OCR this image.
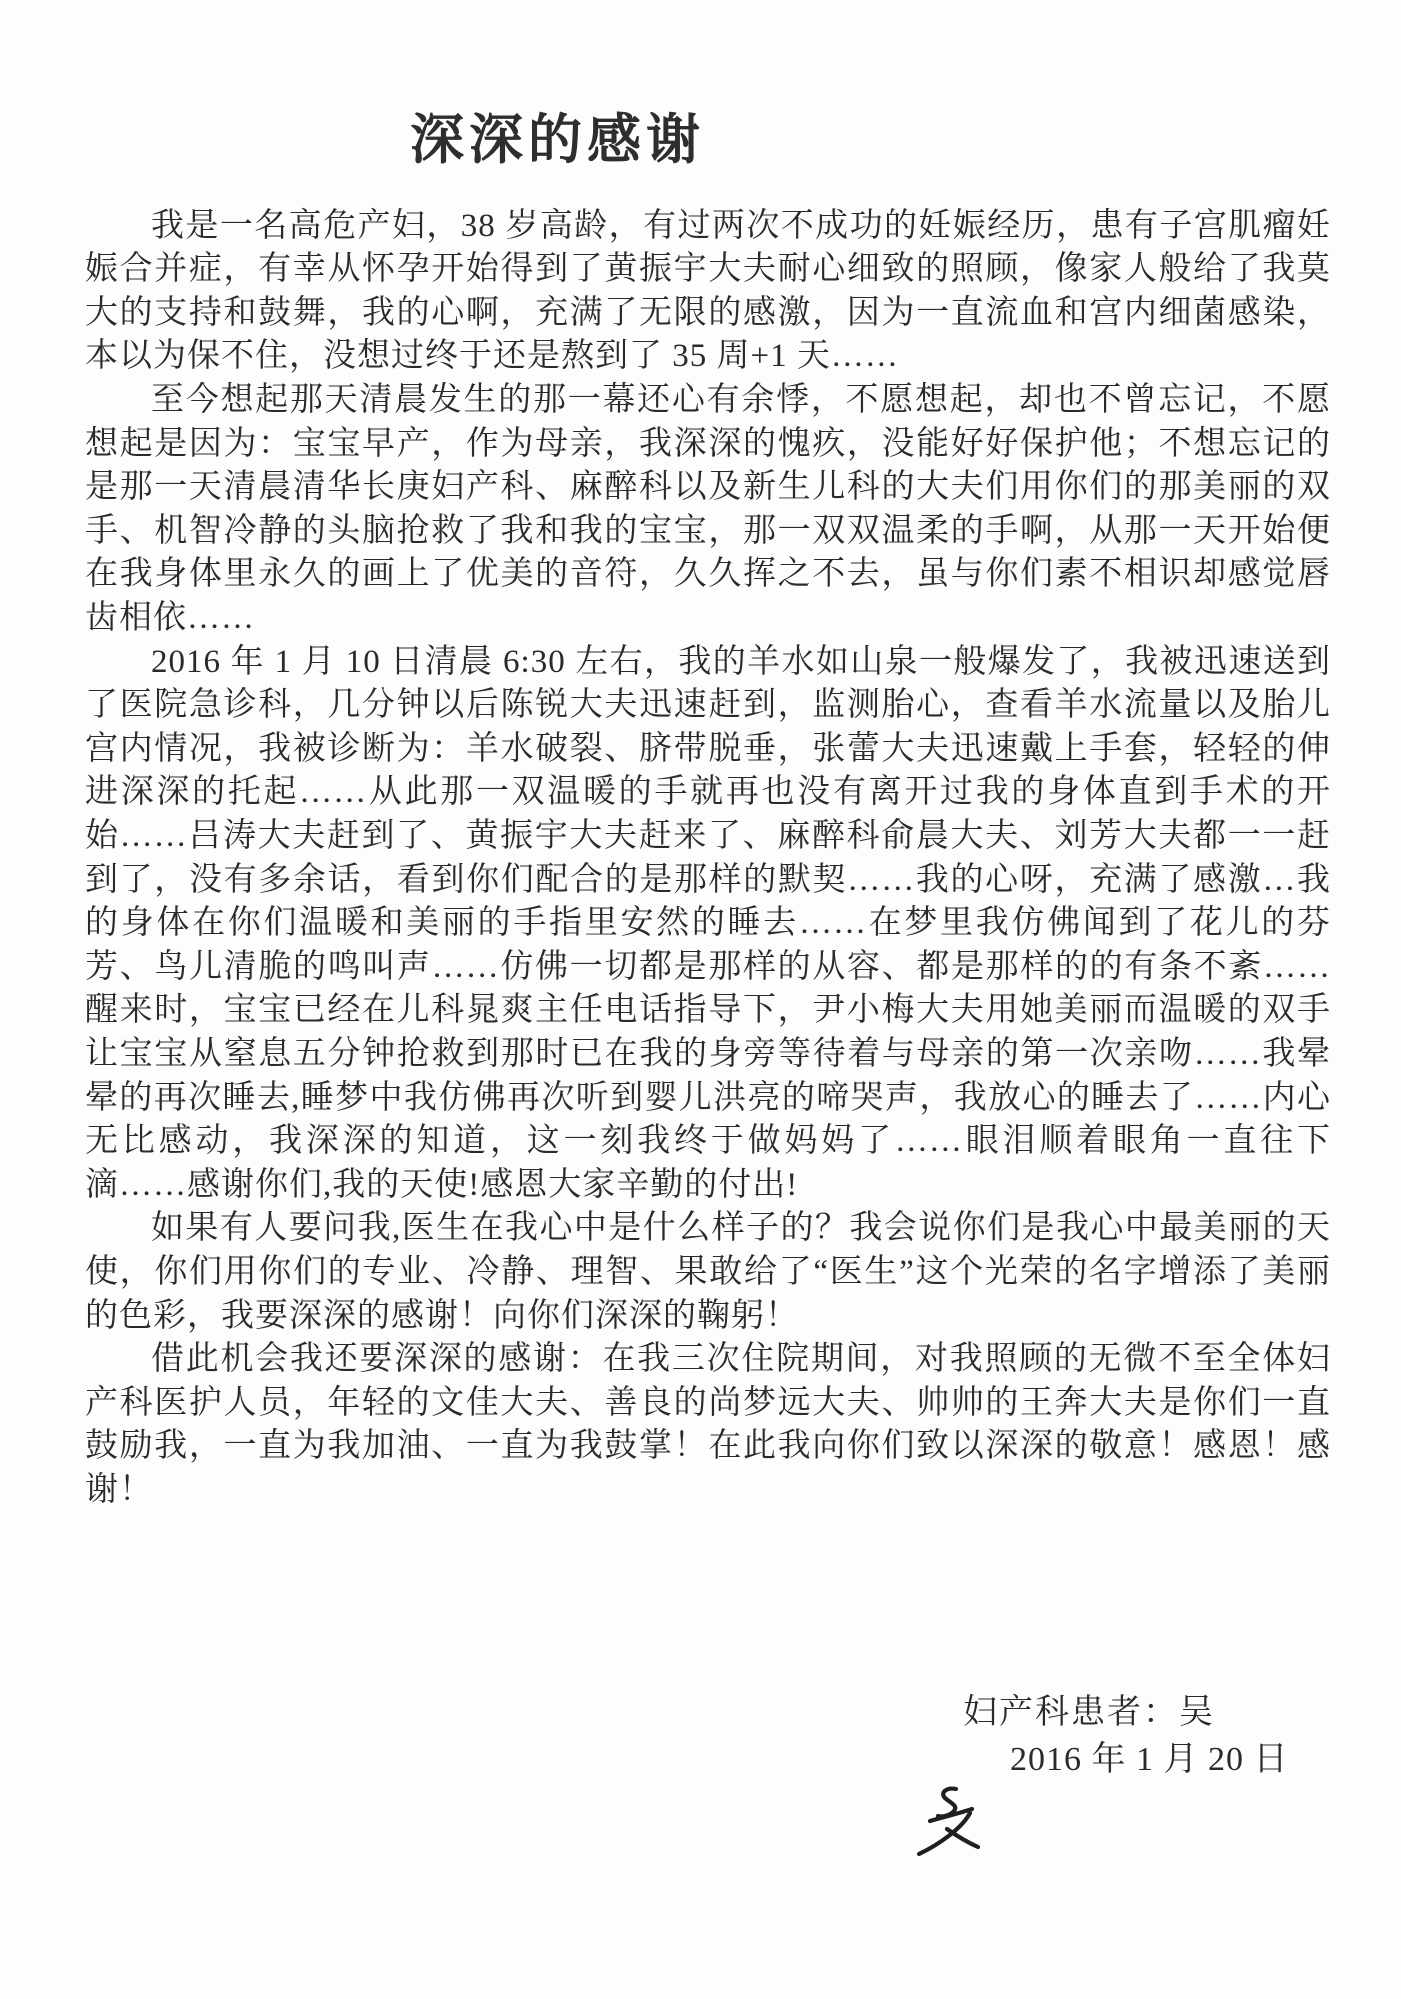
深深的感谢

我是一名高危产妇，38 岁高龄，有过两次不成功的妊娠经历，患有子宫肌瘤妊娠合并症，有幸从怀孕开始得到了黄振宇大夫耐心细致的照顾，像家人般给了我莫大的支持和鼓舞，我的心啊，充满了无限的感激，因为一直流血和宫内细菌感染，本以为保不住，没想过终于还是熬到了 35 周+1 天……

至今想起那天清晨发生的那一幕还心有余悸，不愿想起，却也不曾忘记，不愿想起是因为：宝宝早产，作为母亲，我深深的愧疚，没能好好保护他；不想忘记的是那一天清晨清华长庚妇产科、麻醉科以及新生儿科的大夫们用你们的那美丽的双手、机智冷静的头脑抢救了我和我的宝宝，那一双双温柔的手啊，从那一天开始便在我身体里永久的画上了优美的音符，久久挥之不去，虽与你们素不相识却感觉唇齿相依……

2016 年 1 月 10 日清晨 6:30 左右，我的羊水如山泉一般爆发了，我被迅速送到了医院急诊科，几分钟以后陈锐大夫迅速赶到，监测胎心，查看羊水流量以及胎儿宫内情况，我被诊断为：羊水破裂、脐带脱垂，张蕾大夫迅速戴上手套，轻轻的伸进深深的托起……从此那一双温暖的手就再也没有离开过我的身体直到手术的开始……吕涛大夫赶到了、黄振宇大夫赶来了、麻醉科俞晨大夫、刘芳大夫都一一赶到了，没有多余话，看到你们配合的是那样的默契……我的心呀，充满了感激…我的身体在你们温暖和美丽的手指里安然的睡去……在梦里我仿佛闻到了花儿的芬芳、鸟儿清脆的鸣叫声……仿佛一切都是那样的从容、都是那样的的有条不紊……醒来时，宝宝已经在儿科晁爽主任电话指导下，尹小梅大夫用她美丽而温暖的双手让宝宝从窒息五分钟抢救到那时已在我的身旁等待着与母亲的第一次亲吻……我晕晕的再次睡去,睡梦中我仿佛再次听到婴儿洪亮的啼哭声，我放心的睡去了……内心无比感动，我深深的知道，这一刻我终于做妈妈了……眼泪顺着眼角一直往下滴……感谢你们,我的天使!感恩大家辛勤的付出!

如果有人要问我,医生在我心中是什么样子的？我会说你们是我心中最美丽的天使，你们用你们的专业、冷静、理智、果敢给了“医生”这个光荣的名字增添了美丽的色彩，我要深深的感谢！向你们深深的鞠躬！

借此机会我还要深深的感谢：在我三次住院期间，对我照顾的无微不至全体妇产科医护人员，年轻的文佳大夫、善良的尚梦远大夫、帅帅的王奔大夫是你们一直鼓励我，一直为我加油、一直为我鼓掌！在此我向你们致以深深的敬意！感恩！感谢！

妇产科患者：吴
2016 年 1 月 20 日
